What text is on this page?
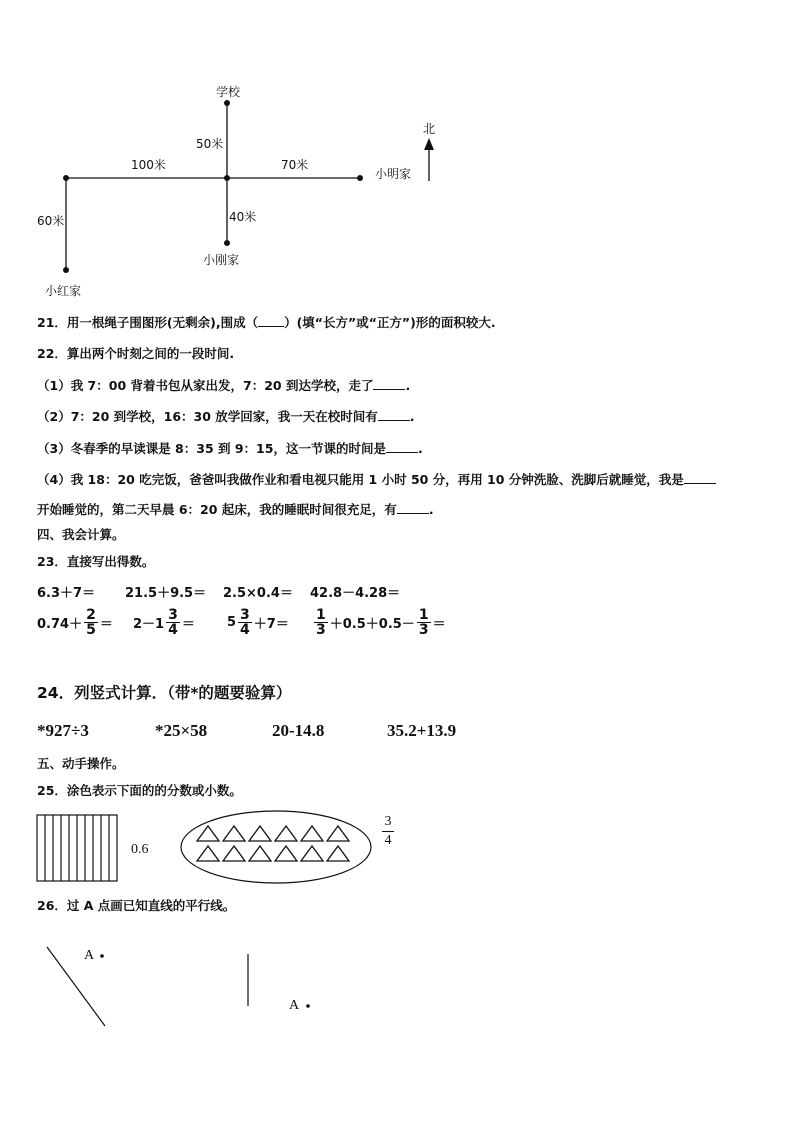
学校
北
50米
100米	70米
小明家
60米	40米
小刚家
小红家
21．用一根绳子围图形(无剩余),围成（ ）(填“长方”或“正方”)形的面积较大.
22．算出两个时刻之间的一段时间.
（1）我 7：00 背着书包从家出发，7：20 到达学校，走了	.
（2）7：20 到学校，16：30 放学回家，我一天在校时间有	.
（3）冬春季的早读课是 8：35 到 9：15，这一节课的时间是	.
（4）我 18：20 吃完饭，爸爸叫我做作业和看电视只能用 1 小时 50 分，再用 10 分钟洗脸、洗脚后就睡觉，我是
开始睡觉的，第二天早晨 6：20 起床，我的睡眠时间很充足，有	.
四、我会计算。
23．直接写出得数。
6.3＋7＝ 21.5＋9.5＝ 2.5×0.4＝ 42.8－4.28＝
$0.74+ \frac{2}{5} = 2-1 \frac{3}{4} = 5 \frac{3}{4} +7= \frac{1}{3} +0.5+0.5- \frac{1}{3}$ ＝
24．列竖式计算．（带*的题要验算）
*927÷3	*25×58	20-14.8	35.2+13.9
五、动手操作。
25．涂色表示下面的的分数或小数。
0.6
3
4
26．过 A 点画已知直线的平行线。
A
A
